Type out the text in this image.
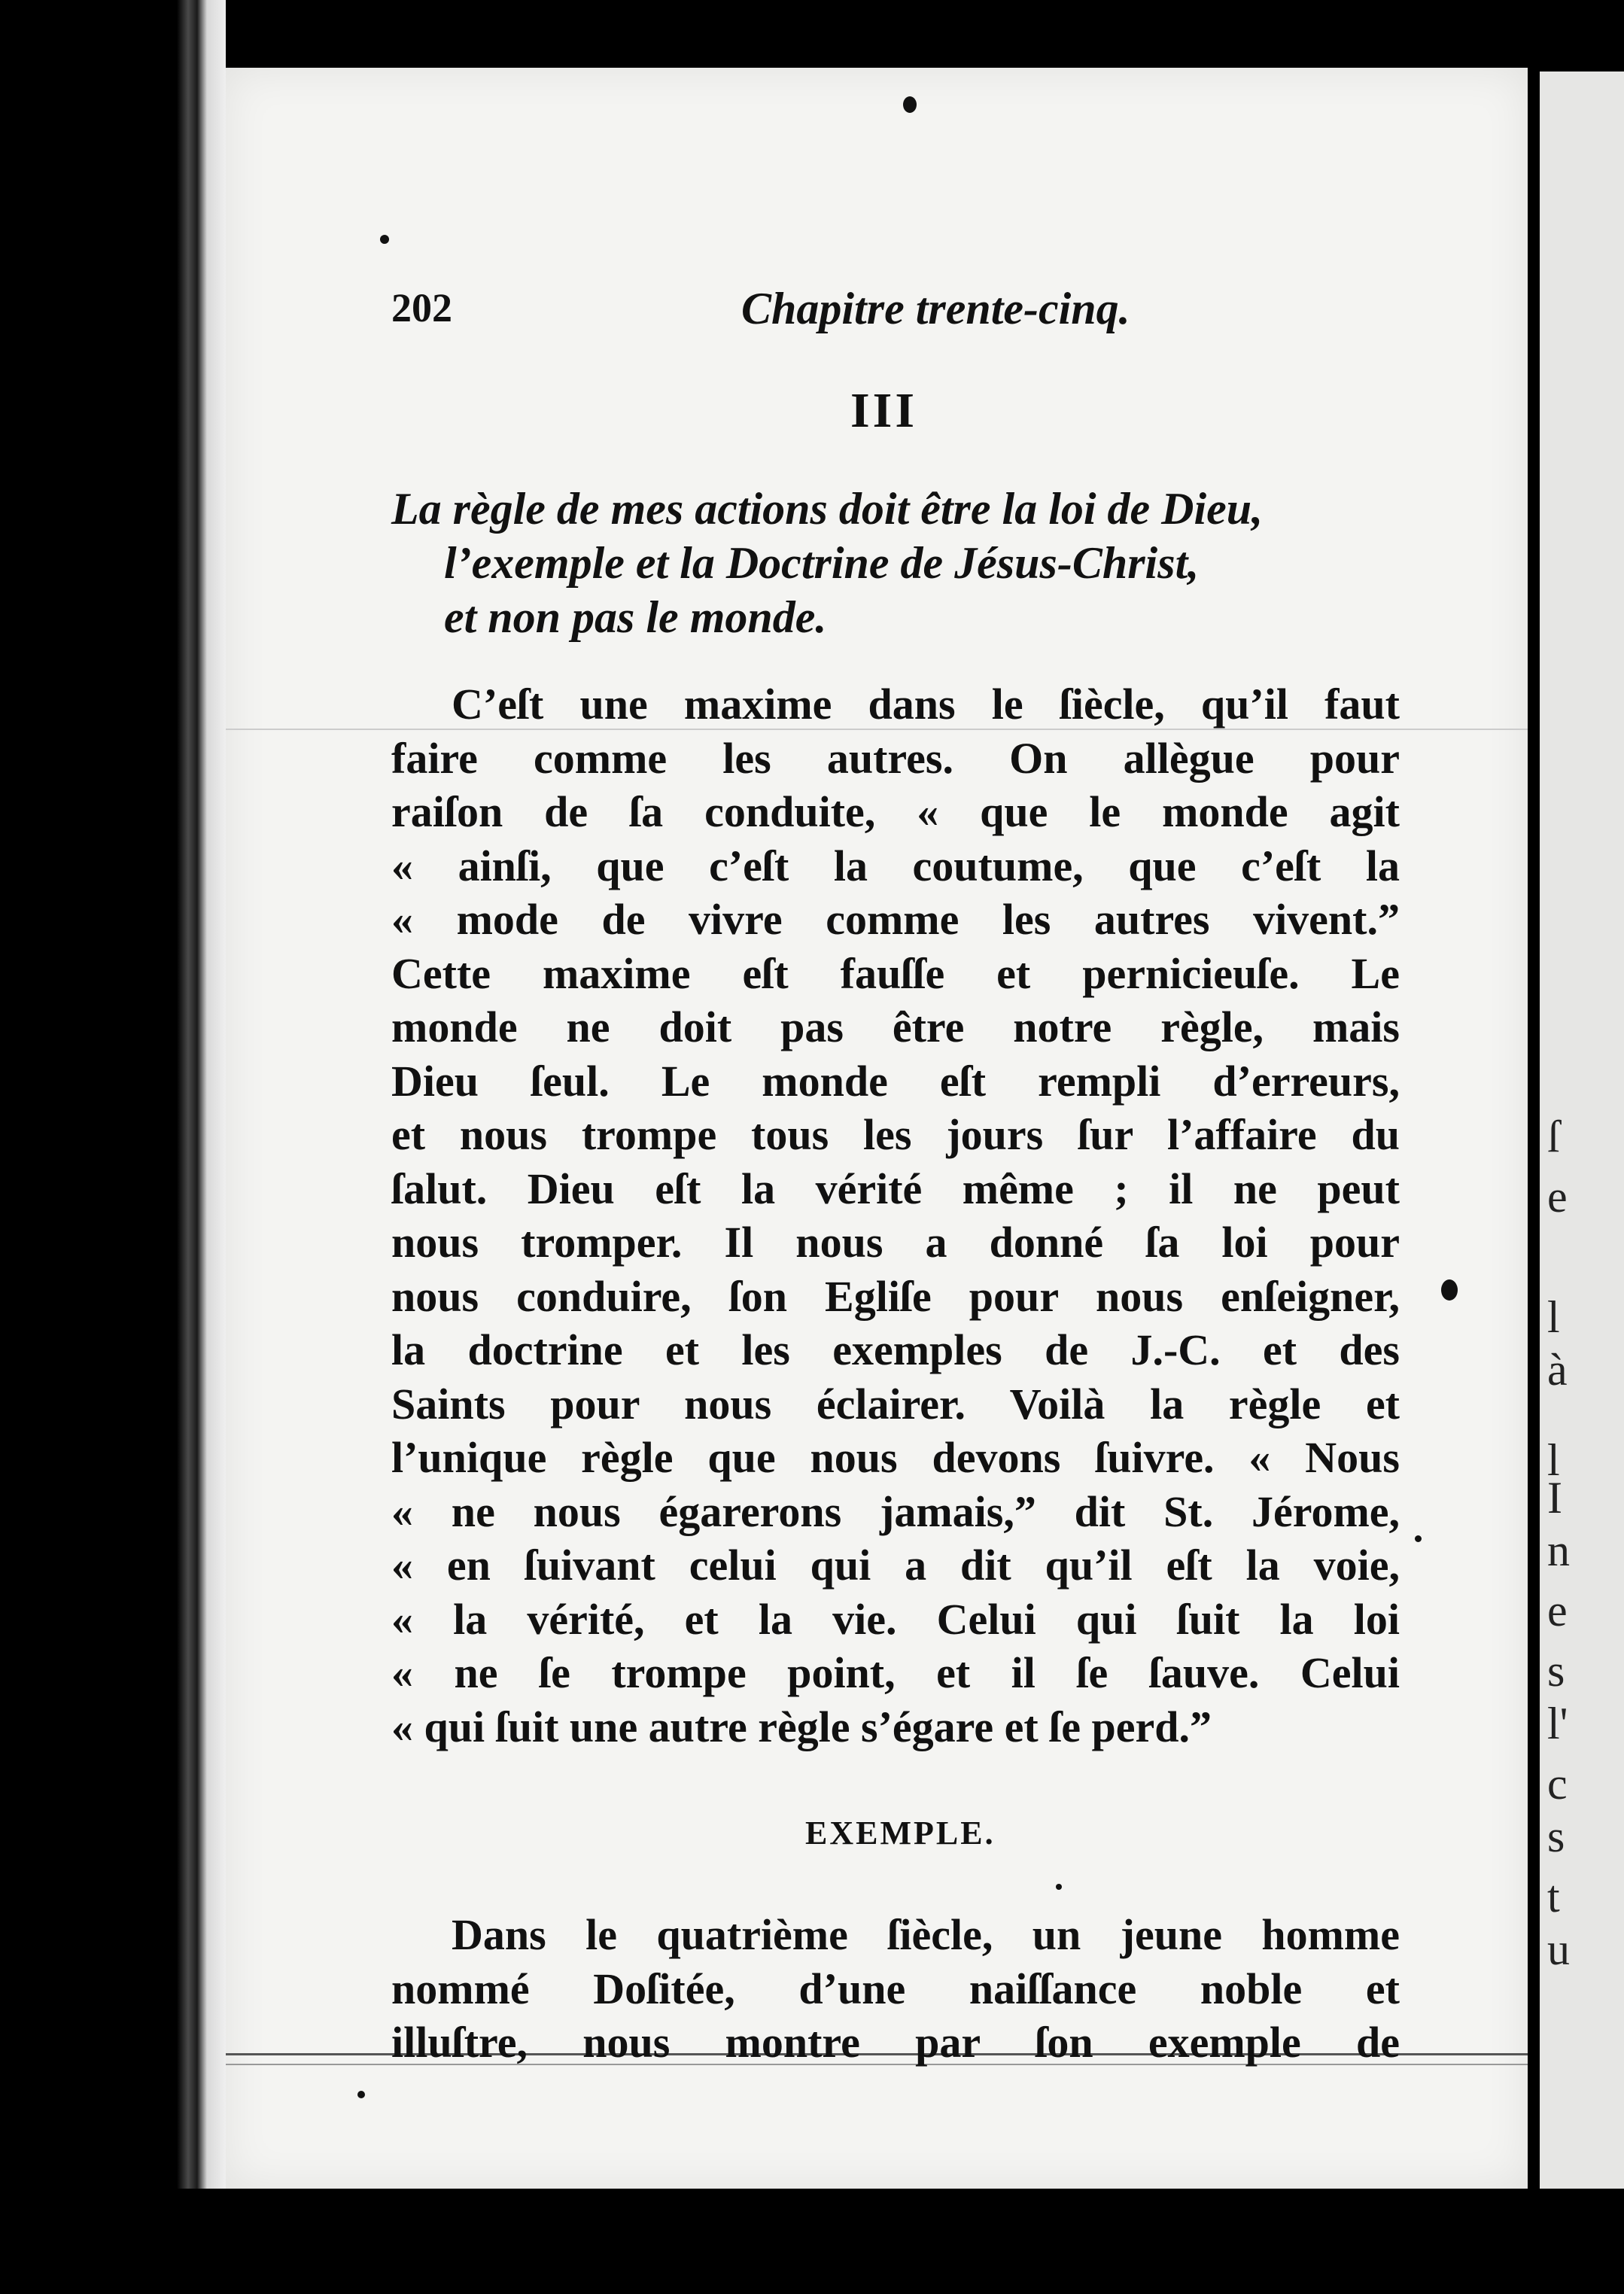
ſ
e
l
à
l
I
n
e
s
l'
c
s
t
u
202	Chapitre trente-cinq.
III
La règle de mes actions doit être la loi de Dieu,
l’exemple et la Doctrine de Jésus-Christ,
et non pas le monde.
C’eſt une maxime dans le ſiècle, qu’il faut
faire comme les autres. On allègue pour
raiſon de ſa conduite, « que le monde agit
« ainſi, que c’eſt la coutume, que c’eſt la
« mode de vivre comme les autres vivent.”
Cette maxime eſt fauſſe et pernicieuſe. Le
monde ne doit pas être notre règle, mais
Dieu ſeul. Le monde eſt rempli d’erreurs,
et nous trompe tous les jours ſur l’affaire du
ſalut. Dieu eſt la vérité même ; il ne peut
nous tromper. Il nous a donné ſa loi pour
nous conduire, ſon Egliſe pour nous enſeigner,
la doctrine et les exemples de J.-C. et des
Saints pour nous éclairer. Voilà la règle et
l’unique règle que nous devons ſuivre. « Nous
« ne nous égarerons jamais,” dit St. Jérome,
« en ſuivant celui qui a dit qu’il eſt la voie,
« la vérité, et la vie. Celui qui ſuit la loi
« ne ſe trompe point, et il ſe ſauve. Celui
« qui ſuit une autre règle s’égare et ſe perd.”
EXEMPLE.
Dans le quatrième ſiècle, un jeune homme
nommé Doſitée, d’une naiſſance noble et
illuſtre, nous montre par ſon exemple de
